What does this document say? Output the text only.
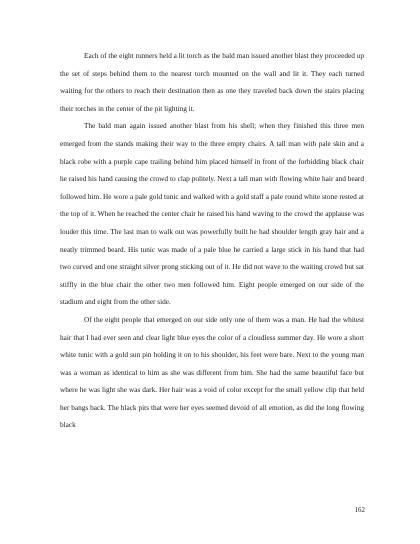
Each of the eight runners held a lit torch as the bald man issued another blast they proceeded up the set of steps behind them to the nearest torch mounted on the wall and lit it. They each turned waiting for the others to reach their destination then as one they traveled back down the stairs placing their torches in the center of the pit lighting it.

The bald man again issued another blast from his shell; when they finished this three men emerged from the stands making their way to the three empty chairs. A tall man with pale skin and a black robe with a purple cape trailing behind him placed himself in front of the forbidding black chair he raised his hand causing the crowd to clap politely. Next a tall man with flowing white hair and beard followed him. He wore a pale gold tunic and walked with a gold staff a pale round white stone rested at the top of it. When he reached the center chair he raised his hand waving to the crowd the applause was louder this time. The last man to walk out was powerfully built he had shoulder length gray hair and a neatly trimmed beard. His tunic was made of a pale blue he carried a large stick in his hand that had two curved and one straight silver prong sticking out of it. He did not wave to the waiting crowd but sat stiffly in the blue chair the other two men followed him. Eight people emerged on our side of the stadium and eight from the other side.

Of the eight people that emerged on our side only one of them was a man. He had the whitest hair that I had ever seen and clear light blue eyes the color of a cloudless summer day. He wore a short white tunic with a gold sun pin holding it on to his shoulder, his feet were bare. Next to the young man was a woman as identical to him as she was different from him. She had the same beautiful face but where he was light she was dark. Her hair was a void of color except for the small yellow clip that held her bangs back. The black pits that were her eyes seemed devoid of all emotion, as did the long flowing black

162
